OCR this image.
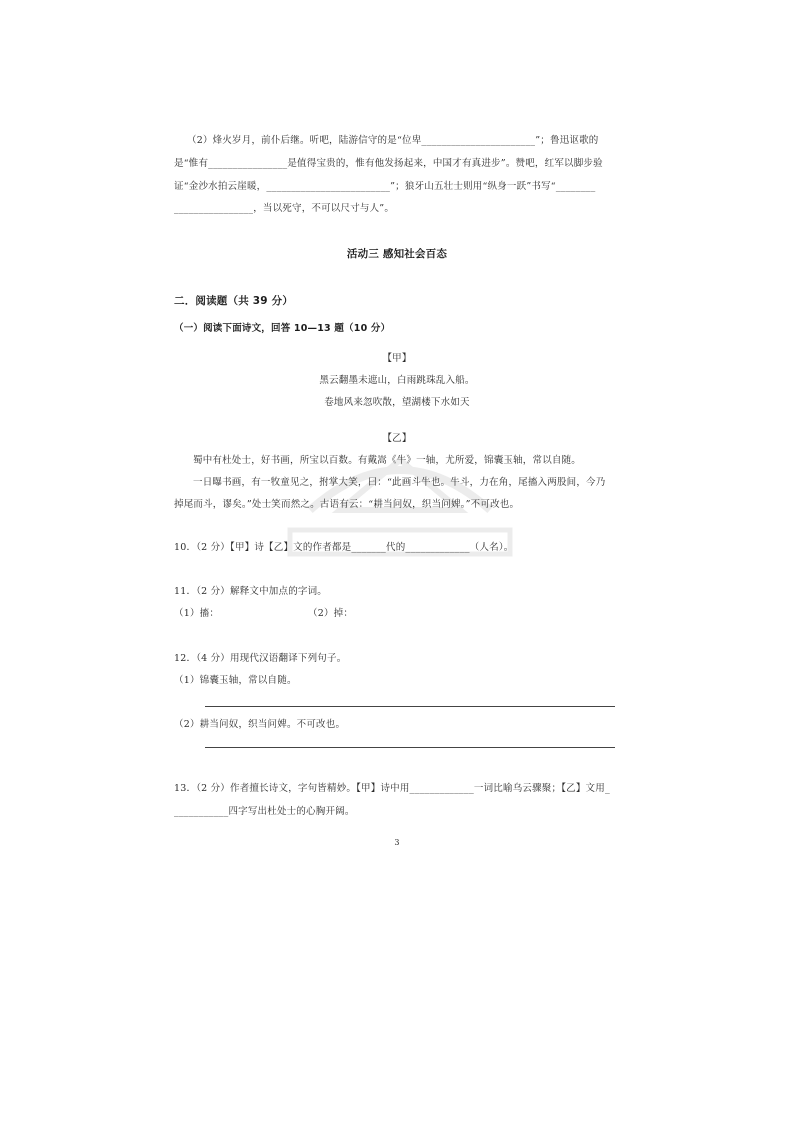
（2）烽火岁月，前仆后继。听吧，陆游信守的是“位卑_______________________”；鲁迅讴歌的
是“惟有________________是值得宝贵的，惟有他发扬起来，中国才有真进步”。赞吧，红军以脚步验
证“金沙水拍云崖暖，_________________________”；狼牙山五壮士则用“纵身一跃”书写“________
________________，当以死守，不可以尺寸与人”。
活动三 感知社会百态
二．阅读题（共 39 分）
（一）阅读下面诗文，回答 10—13 题（10 分）
【甲】
黑云翻墨未遮山，白雨跳珠乱入船。
卷地风来忽吹散，望湖楼下水如天
【乙】
蜀中有杜处士，好书画，所宝以百数。有戴嵩《牛》一轴，尤所爱，锦囊玉轴，常以自随。
一日曝书画，有一牧童见之，拊掌大笑，曰：“此画斗牛也。牛斗，力在角，尾搐入两股间，今乃
掉尾而斗，谬矣。”处士笑而然之。古语有云：“耕当问奴，织当问婢。”不可改也。
10．（2 分）【甲】诗【乙】文的作者都是_______代的_____________（人名）。
11．（2 分）解释文中加点的字词。
（1）搐：	（2）掉：
12．（4 分）用现代汉语翻译下列句子。
（1）锦囊玉轴，常以自随。
（2）耕当问奴，织当问婢。不可改也。
13．（2 分）作者擅长诗文，字句皆精妙。【甲】诗中用_____________一词比喻乌云骤聚；【乙】文用_
___________四字写出杜处士的心胸开阔。
3
